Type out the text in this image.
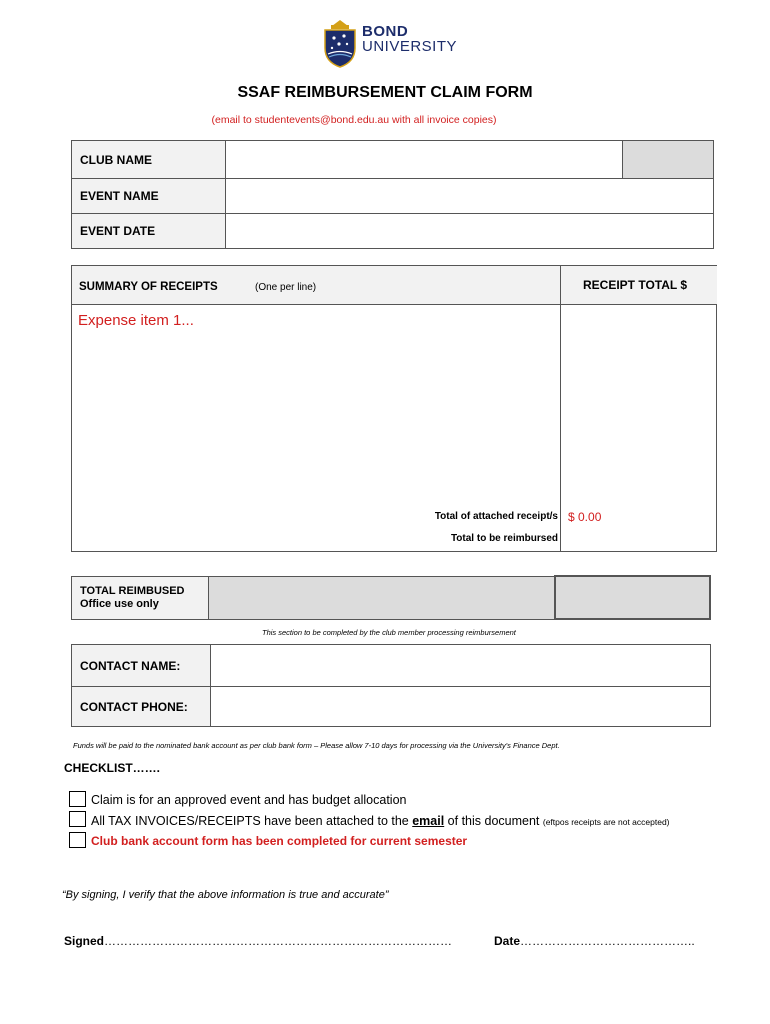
BOND
UNIVERSITY
SSAF REIMBURSEMENT CLAIM FORM
(email to studentevents@bond.edu.au with all invoice copies)
CLUB NAME		
EVENT NAME		
EVENT DATE		
SUMMARY OF RECEIPTS	(One per line)	RECEIPT TOTAL $
Expense item 1...
Total of attached receipt/s $ 0.00
Total to be reimbursed
TOTAL REIMBUSED
Office use only

This section to be completed by the club member processing reimbursement
CONTACT NAME:	
CONTACT PHONE:	
Funds will be paid to the nominated bank account as per club bank form – Please allow 7-10 days for processing via the University's Finance Dept.
CHECKLIST…….
Claim is for an approved event and has budget allocation
All TAX INVOICES/RECEIPTS have been attached to the email of this document (eftpos receipts are not accepted)
Club bank account form has been completed for current semester
“By signing, I verify that the above information is true and accurate”
Signed……………………………………………………………………………	Date……………………………………..
